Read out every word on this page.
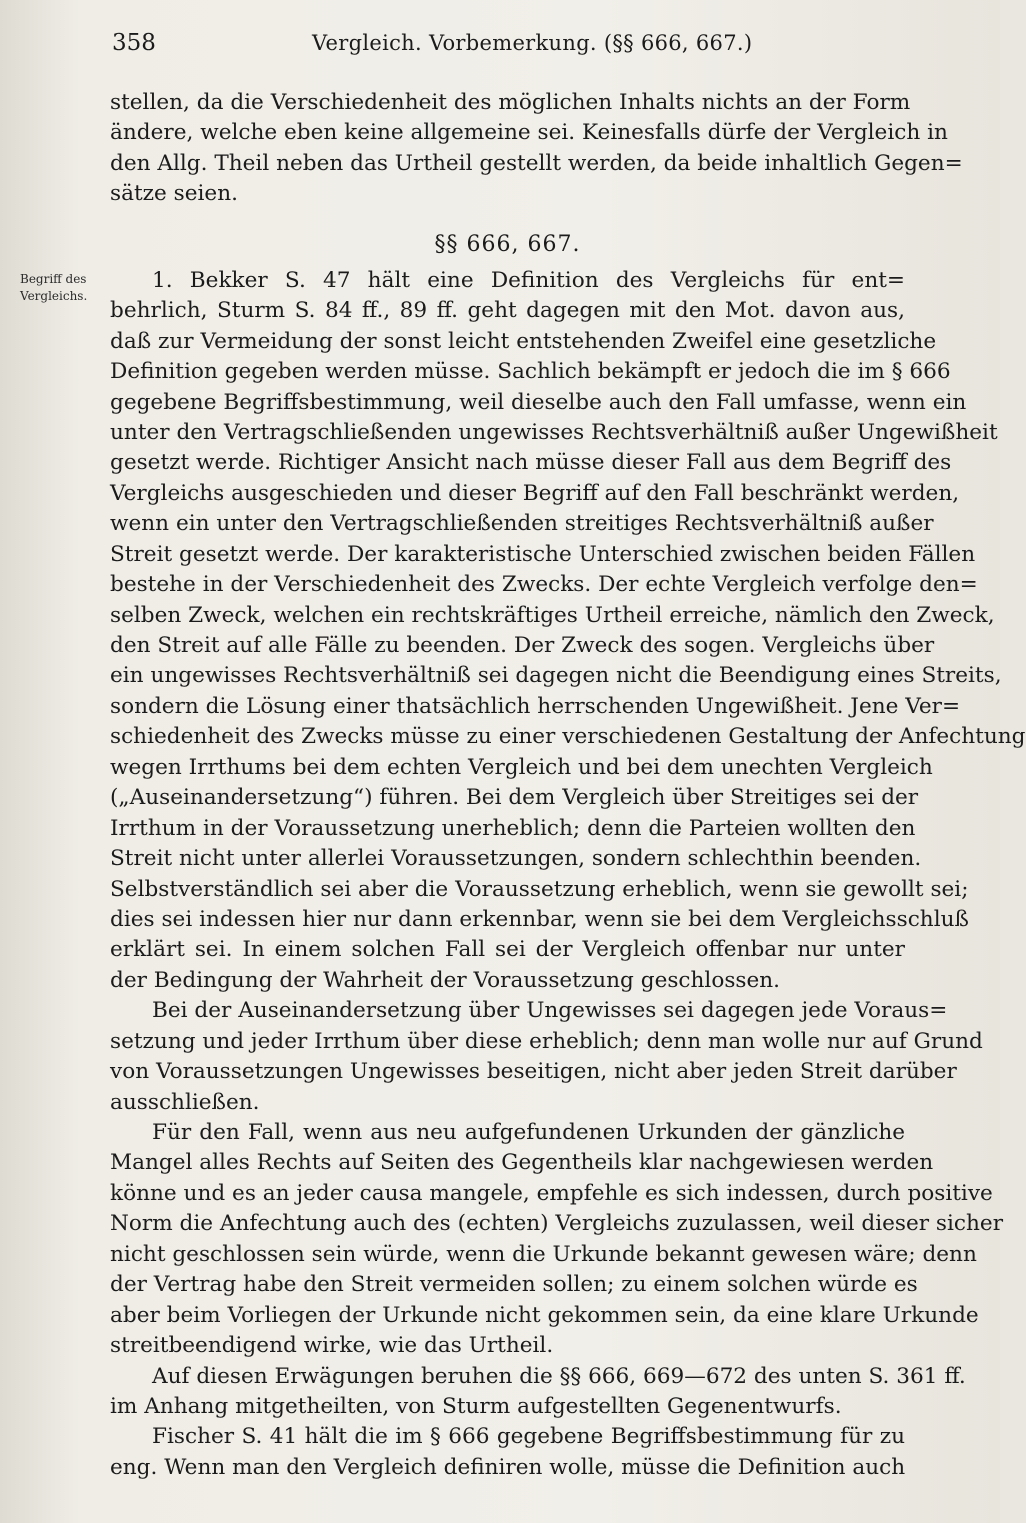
358	Vergleich. Vorbemerkung. (§§ 666, 667.)
Begriff des
Vergleichs.
stellen, da die Verschiedenheit des möglichen Inhalts nichts an der Form
ändere, welche eben keine allgemeine sei. Keinesfalls dürfe der Vergleich in
den Allg. Theil neben das Urtheil gestellt werden, da beide inhaltlich Gegen=
sätze seien.
§§ 666, 667.
1. Bekker S. 47 hält eine Definition des Vergleichs für ent=
behrlich, Sturm S. 84 ff., 89 ff. geht dagegen mit den Mot. davon aus,
daß zur Vermeidung der sonst leicht entstehenden Zweifel eine gesetzliche
Definition gegeben werden müsse. Sachlich bekämpft er jedoch die im § 666
gegebene Begriffsbestimmung, weil dieselbe auch den Fall umfasse, wenn ein
unter den Vertragschließenden ungewisses Rechtsverhältniß außer Ungewißheit
gesetzt werde. Richtiger Ansicht nach müsse dieser Fall aus dem Begriff des
Vergleichs ausgeschieden und dieser Begriff auf den Fall beschränkt werden,
wenn ein unter den Vertragschließenden streitiges Rechtsverhältniß außer
Streit gesetzt werde. Der karakteristische Unterschied zwischen beiden Fällen
bestehe in der Verschiedenheit des Zwecks. Der echte Vergleich verfolge den=
selben Zweck, welchen ein rechtskräftiges Urtheil erreiche, nämlich den Zweck,
den Streit auf alle Fälle zu beenden. Der Zweck des sogen. Vergleichs über
ein ungewisses Rechtsverhältniß sei dagegen nicht die Beendigung eines Streits,
sondern die Lösung einer thatsächlich herrschenden Ungewißheit. Jene Ver=
schiedenheit des Zwecks müsse zu einer verschiedenen Gestaltung der Anfechtung
wegen Irrthums bei dem echten Vergleich und bei dem unechten Vergleich
(„Auseinandersetzung“) führen. Bei dem Vergleich über Streitiges sei der
Irrthum in der Voraussetzung unerheblich; denn die Parteien wollten den
Streit nicht unter allerlei Voraussetzungen, sondern schlechthin beenden.
Selbstverständlich sei aber die Voraussetzung erheblich, wenn sie gewollt sei;
dies sei indessen hier nur dann erkennbar, wenn sie bei dem Vergleichsschluß
erklärt sei. In einem solchen Fall sei der Vergleich offenbar nur unter
der Bedingung der Wahrheit der Voraussetzung geschlossen.
Bei der Auseinandersetzung über Ungewisses sei dagegen jede Voraus=
setzung und jeder Irrthum über diese erheblich; denn man wolle nur auf Grund
von Voraussetzungen Ungewisses beseitigen, nicht aber jeden Streit darüber
ausschließen.
Für den Fall, wenn aus neu aufgefundenen Urkunden der gänzliche
Mangel alles Rechts auf Seiten des Gegentheils klar nachgewiesen werden
könne und es an jeder causa mangele, empfehle es sich indessen, durch positive
Norm die Anfechtung auch des (echten) Vergleichs zuzulassen, weil dieser sicher
nicht geschlossen sein würde, wenn die Urkunde bekannt gewesen wäre; denn
der Vertrag habe den Streit vermeiden sollen; zu einem solchen würde es
aber beim Vorliegen der Urkunde nicht gekommen sein, da eine klare Urkunde
streitbeendigend wirke, wie das Urtheil.
Auf diesen Erwägungen beruhen die §§ 666, 669—672 des unten S. 361 ff.
im Anhang mitgetheilten, von Sturm aufgestellten Gegenentwurfs.
Fischer S. 41 hält die im § 666 gegebene Begriffsbestimmung für zu
eng. Wenn man den Vergleich definiren wolle, müsse die Definition auch
